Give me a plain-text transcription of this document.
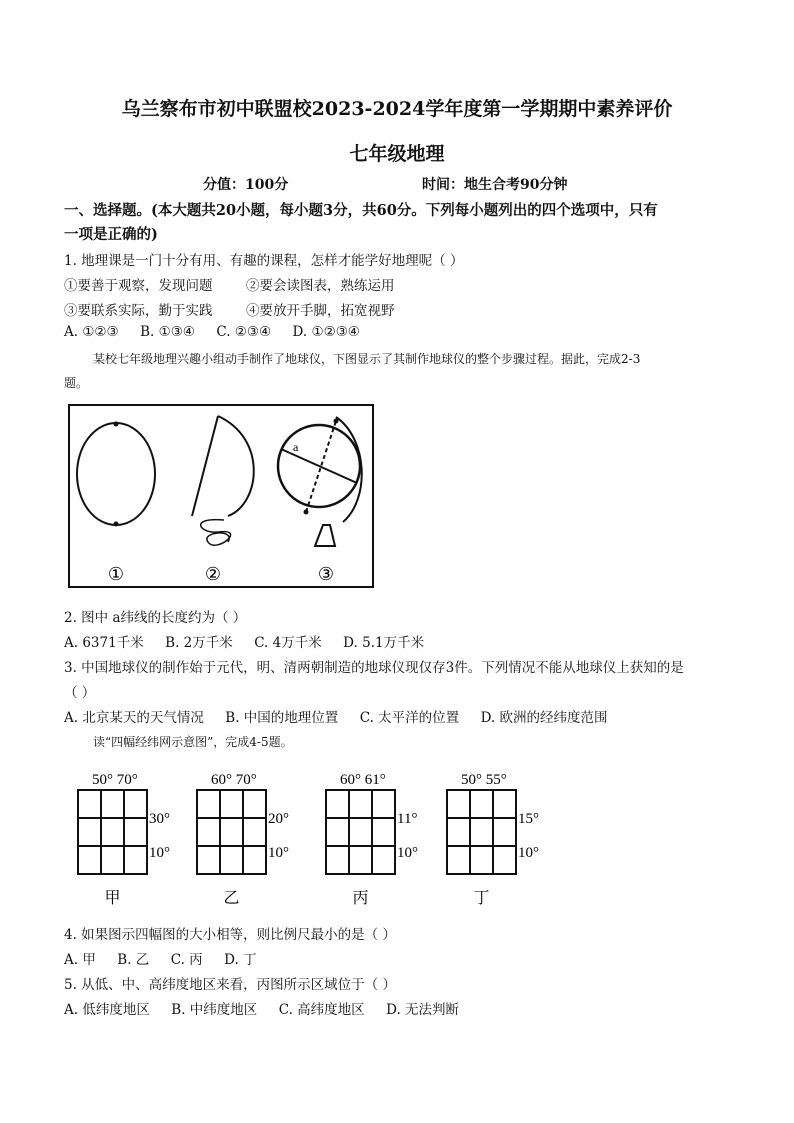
乌兰察布市初中联盟校2023-2024学年度第一学期期中素养评价
七年级地理
分值：100分	时间：地生合考90分钟
一、选择题。(本大题共20小题，每小题3分，共60分。下列每小题列出的四个选项中，只有
一项是正确的)
1. 地理课是一门十分有用、有趣的课程，怎样才能学好地理呢（ ）
①要善于观察，发现问题 ②要会读图表，熟练运用
③要联系实际，勤于实践 ④要放开手脚，拓宽视野
A. ①②③     B. ①③④     C. ②③④     D. ①②③④
某校七年级地理兴趣小组动手制作了地球仪，下图显示了其制作地球仪的整个步骤过程。据此，完成2-3
题。
a
①	②	③
2. 图中 a纬线的长度约为（ ）
A. 6371千米     B. 2万千米     C. 4万千米     D. 5.1万千米
3. 中国地球仪的制作始于元代，明、清两朝制造的地球仪现仅存3件。下列情况不能从地球仪上获知的是
（ ）
A. 北京某天的天气情况     B. 中国的地理位置     C. 太平洋的位置     D. 欧洲的经纬度范围
读“四幅经纬网示意图”，完成4-5题。
50° 70°
30°
10°
甲
60° 70°
20°
10°
乙
60° 61°
11°
10°
丙
50° 55°
15°
10°
丁
4. 如果图示四幅图的大小相等，则比例尺最小的是（ ）
A. 甲     B. 乙     C. 丙     D. 丁
5. 从低、中、高纬度地区来看，丙图所示区域位于（ ）
A. 低纬度地区     B. 中纬度地区     C. 高纬度地区     D. 无法判断
